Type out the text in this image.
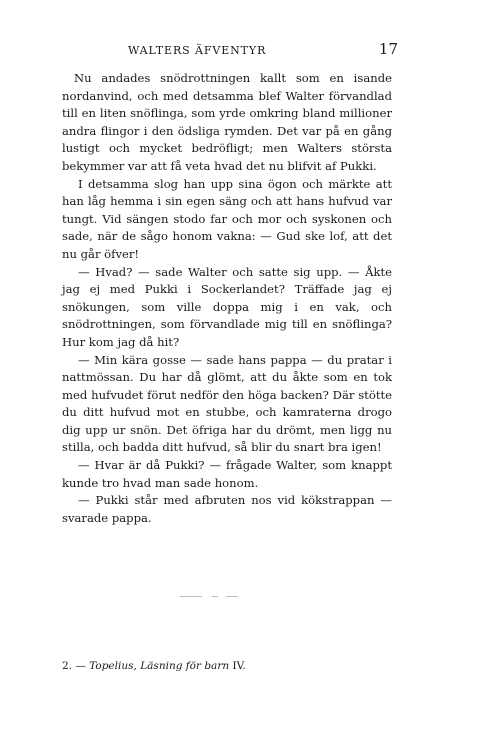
WALTERS ÄFVENTYR	17

Nu andades snödrottningen kallt som en isande nordanvind, och med detsamma blef Walter förvandlad till en liten snöflinga, som yrde omkring bland millioner andra flingor i den ödsliga rymden. Det var på en gång lustigt och mycket bedröfligt; men Walters största bekymmer var att få veta hvad det nu blifvit af Pukki.

I detsamma slog han upp sina ögon och märkte att han låg hemma i sin egen säng och att hans hufvud var tungt. Vid sängen stodo far och mor och syskonen och sade, när de sågo honom vakna: — Gud ske lof, att det nu går öfver!

— Hvad? — sade Walter och satte sig upp. — Åkte jag ej med Pukki i Sockerlandet? Träffade jag ej snökungen, som ville doppa mig i en vak, och snödrottningen, som förvandlade mig till en snöflinga? Hur kom jag då hit?

— Min kära gosse — sade hans pappa — du pratar i nattmössan. Du har då glömt, att du åkte som en tok med hufvudet förut nedför den höga backen? Där stötte du ditt hufvud mot en stubbe, och kamraterna drogo dig upp ur snön. Det öfriga har du drömt, men ligg nu stilla, och badda ditt hufvud, så blir du snart bra igen!

— Hvar är då Pukki? — frågade Walter, som knappt kunde tro hvad man sade honom.

— Pukki står med afbruten nos vid kökstrappan — svarade pappa.

2. — Topelius, Läsning för barn IV.
